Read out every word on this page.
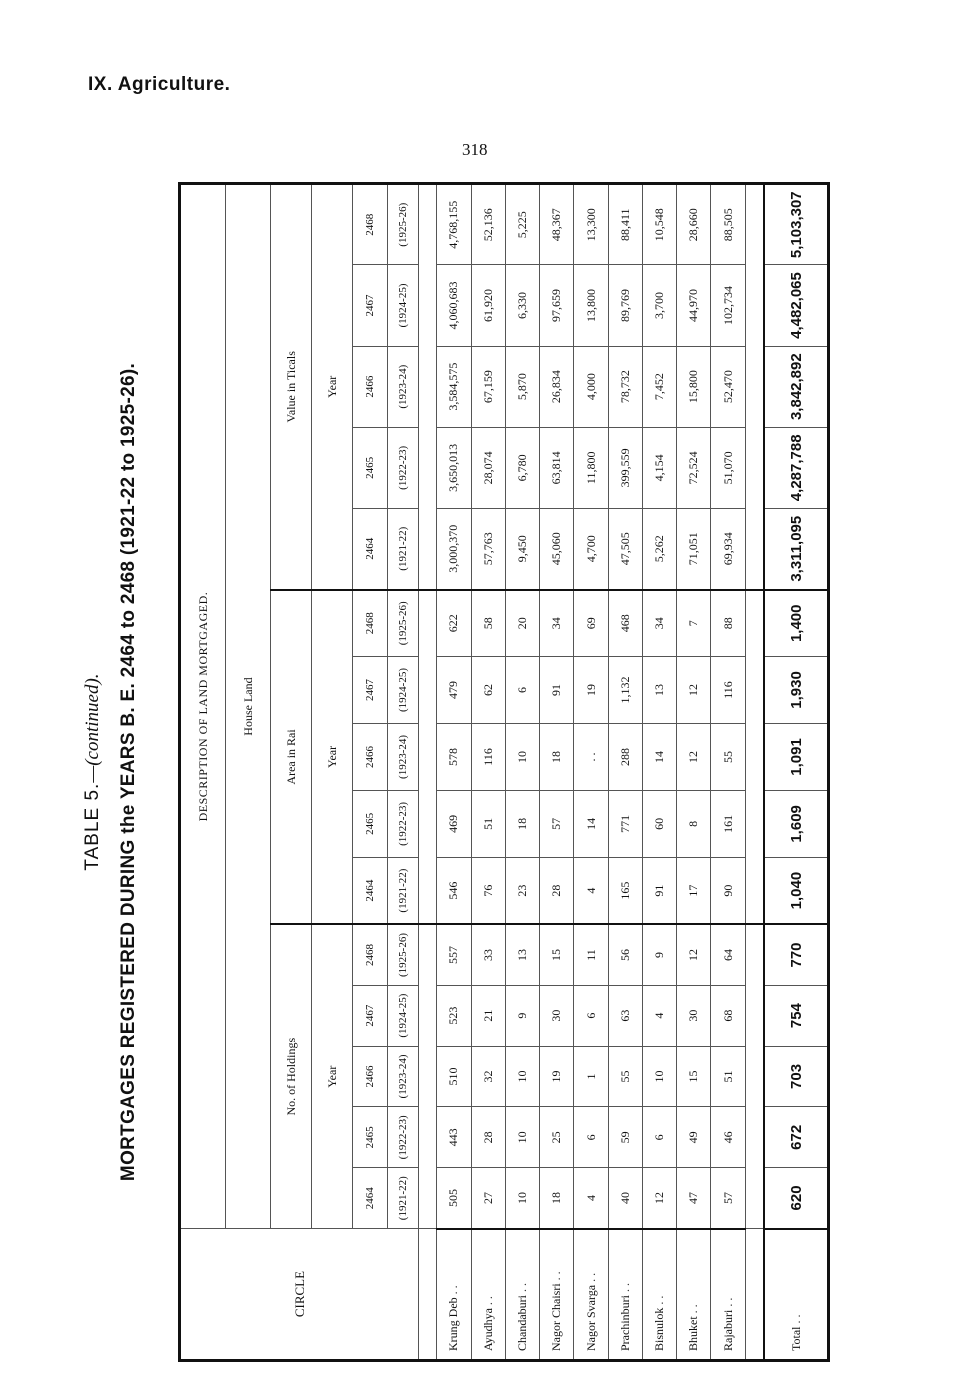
IX. Agriculture.
318
TABLE 5.—(continued). MORTGAGES REGISTERED DURING the YEARS B. E. 2464 to 2468 (1921-22 to 1925-26).
CIRCLE	DESCRIPTION OF LAND MORTGAGED.														
	House Land														
	No. of Holdings					Area in Rai					Value in Ticals				
	Year					Year					Year				
	2464	2465	2466	2467	2468	2464	2465	2466	2467	2468	2464	2465	2466	2467	2468
	(1921-22)	(1922-23)	(1923-24)	(1924-25)	(1925-26)	(1921-22)	(1922-23)	(1923-24)	(1924-25)	(1925-26)	(1921-22)	(1922-23)	(1923-24)	(1924-25)	(1925-26)

Krung Deb . .	505	443	510	523	557	546	469	578	479	622	3,000,370	3,650,013	3,584,575	4,060,683	4,768,155
Ayudhya . .	27	28	32	21	33	76	51	116	62	58	57,763	28,074	67,159	61,920	52,136
Chandaburi . .	10	10	10	9	13	23	18	10	6	20	9,450	6,780	5,870	6,330	5,225
Nagor Chaisri . .	18	25	19	30	15	28	57	18	91	34	45,060	63,814	26,834	97,659	48,367
Nagor Svarga . .	4	6	1	6	11	4	14	. .	19	69	4,700	11,800	4,000	13,800	13,300
Prachinburi . .	40	59	55	63	56	165	771	288	1,132	468	47,505	399,559	78,732	89,769	88,411
Bisnulok . .	12	6	10	4	9	91	60	14	13	34	5,262	4,154	7,452	3,700	10,548
Bhuket . .	47	49	15	30	12	17	8	12	12	7	71,051	72,524	15,800	44,970	28,660
Rajaburi . .	57	46	51	68	64	90	161	55	116	88	69,934	51,070	52,470	102,734	88,505

Total . .	620	672	703	754	770	1,040	1,609	1,091	1,930	1,400	3,311,095	4,287,788	3,842,892	4,482,065	5,103,307
